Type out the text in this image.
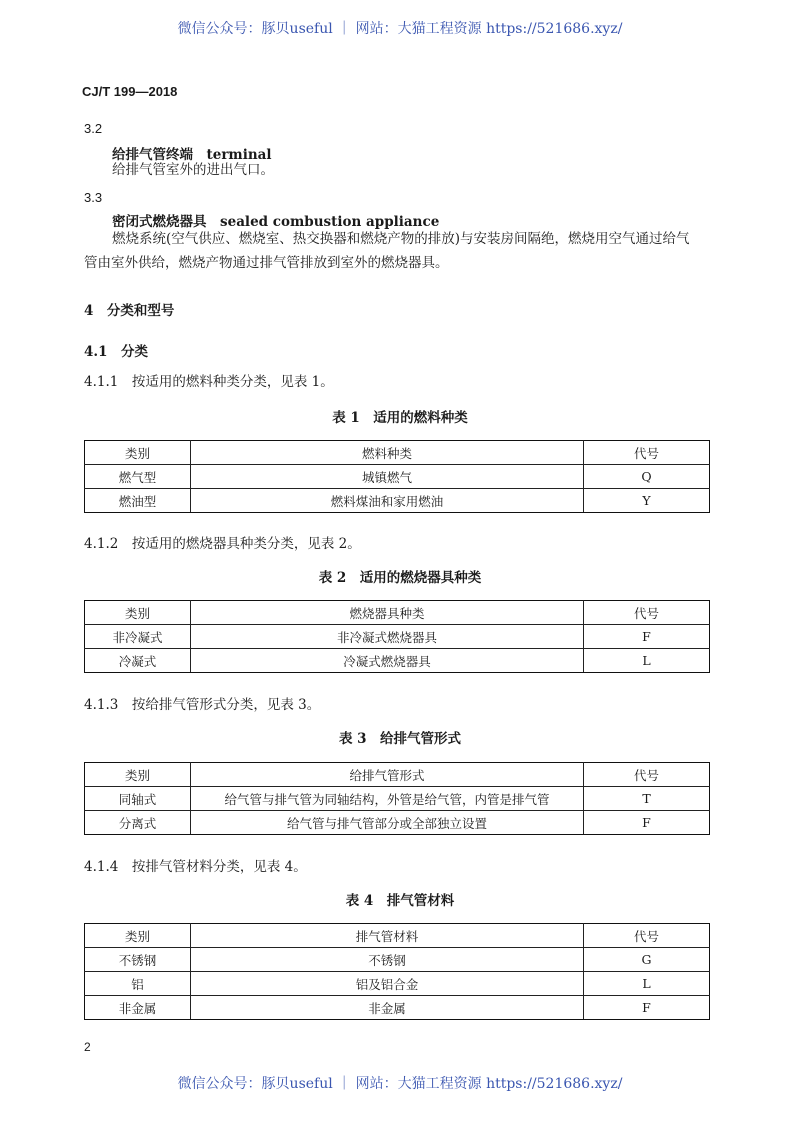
微信公众号：豚贝useful ｜ 网站：大猫工程资源 https://521686.xyz/
CJ/T 199—2018
3.2
给排气管终端　terminal
给排气管室外的进出气口。
3.3
密闭式燃烧器具　sealed combustion appliance
燃烧系统(空气供应、燃烧室、热交换器和燃烧产物的排放)与安装房间隔绝，燃烧用空气通过给气
管由室外供给，燃烧产物通过排气管排放到室外的燃烧器具。
4　分类和型号
4.1　分类
4.1.1　按适用的燃料种类分类，见表 1。
表 1　适用的燃料种类
类别	燃料种类	代号
燃气型	城镇燃气	Q
燃油型	燃料煤油和家用燃油	Y
4.1.2　按适用的燃烧器具种类分类，见表 2。
表 2　适用的燃烧器具种类
类别	燃烧器具种类	代号
非冷凝式	非冷凝式燃烧器具	F
冷凝式	冷凝式燃烧器具	L
4.1.3　按给排气管形式分类，见表 3。
表 3　给排气管形式
类别	给排气管形式	代号
同轴式	给气管与排气管为同轴结构，外管是给气管，内管是排气管	T
分离式	给气管与排气管部分或全部独立设置	F
4.1.4　按排气管材料分类，见表 4。
表 4　排气管材料
类别	排气管材料	代号
不锈钢	不锈钢	G
铝	铝及铝合金	L
非金属	非金属	F
2
微信公众号：豚贝useful ｜ 网站：大猫工程资源 https://521686.xyz/
